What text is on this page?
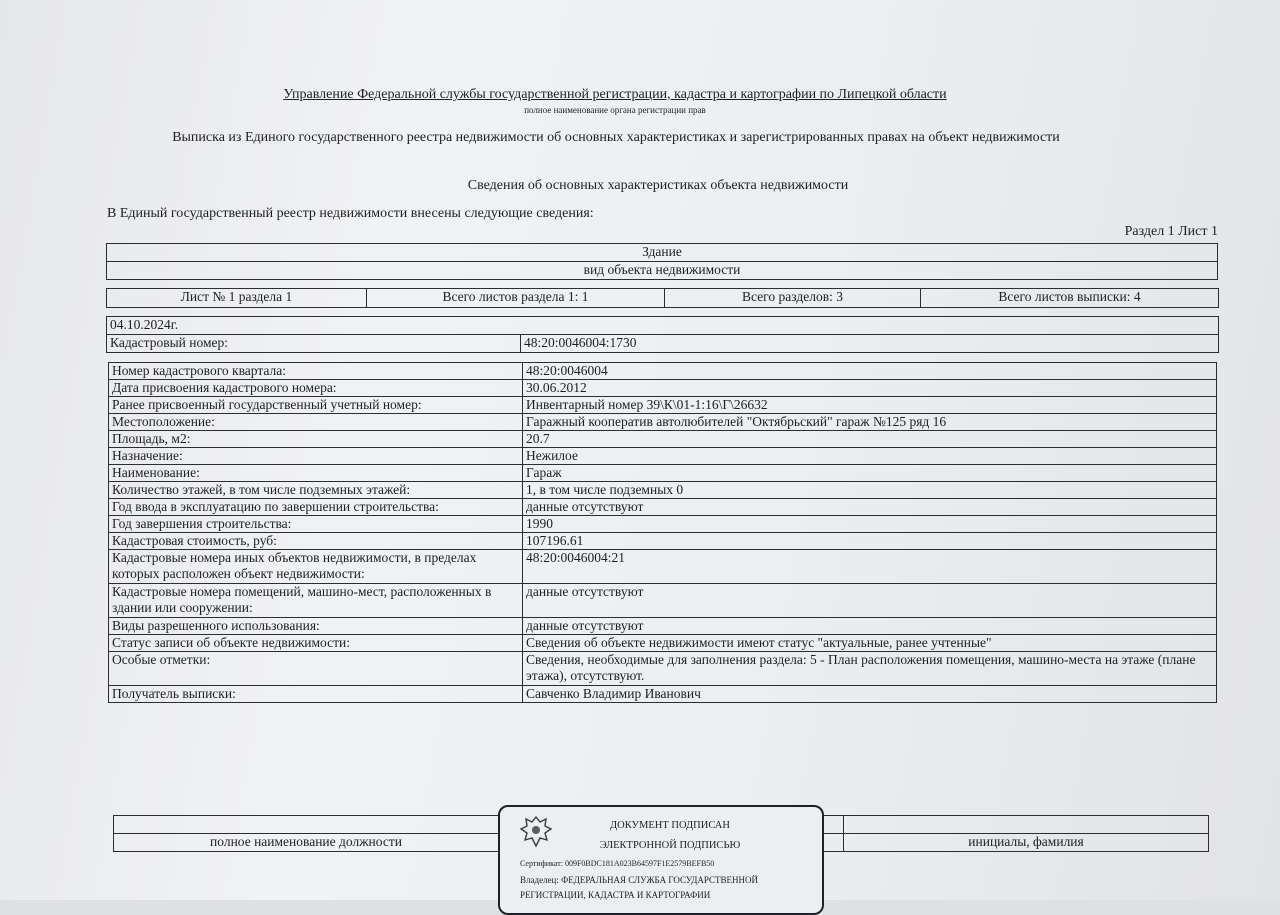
Управление Федеральной службы государственной регистрации, кадастра и картографии по Липецкой области
полное наименование органа регистрации прав
Выписка из Единого государственного реестра недвижимости об основных характеристиках и зарегистрированных правах на объект недвижимости
Сведения об основных характеристиках объекта недвижимости
В Единый государственный реестр недвижимости внесены следующие сведения:
Раздел 1 Лист 1
Здание
вид объекта недвижимости
Лист № 1 раздела 1	Всего листов раздела 1: 1	Всего разделов: 3	Всего листов выписки: 4
04.10.2024г.
Кадастровый номер:	48:20:0046004:1730
Номер кадастрового квартала:	48:20:0046004
Дата присвоения кадастрового номера:	30.06.2012
Ранее присвоенный государственный учетный номер:	Инвентарный номер 39\К\01-1:16\Г\26632
Местоположение:	Гаражный кооператив автолюбителей "Октябрьский" гараж №125 ряд 16
Площадь, м2:	20.7
Назначение:	Нежилое
Наименование:	Гараж
Количество этажей, в том числе подземных этажей:	1, в том числе подземных 0
Год ввода в эксплуатацию по завершении строительства:	данные отсутствуют
Год завершения строительства:	1990
Кадастровая стоимость, руб:	107196.61
Кадастровые номера иных объектов недвижимости, в пределах которых расположен объект недвижимости:	48:20:0046004:21
Кадастровые номера помещений, машино-мест, расположенных в здании или сооружении:	данные отсутствуют
Виды разрешенного использования:	данные отсутствуют
Статус записи об объекте недвижимости:	Сведения об объекте недвижимости имеют статус "актуальные, ранее учтенные"
Особые отметки:	Сведения, необходимые для заполнения раздела: 5 - План расположения помещения, машино-места на этаже (плане этажа), отсутствуют.
Получатель выписки:	Савченко Владимир Иванович

полное наименование должности		инициалы, фамилия
ДОКУМЕНТ ПОДПИСАН
ЭЛЕКТРОННОЙ ПОДПИСЬЮ
Сертификат: 009F0BDC181A023B64597F1E2579BEFB50
Владелец: ФЕДЕРАЛЬНАЯ СЛУЖБА ГОСУДАРСТВЕННОЙ РЕГИСТРАЦИИ, КАДАСТРА И КАРТОГРАФИИ
